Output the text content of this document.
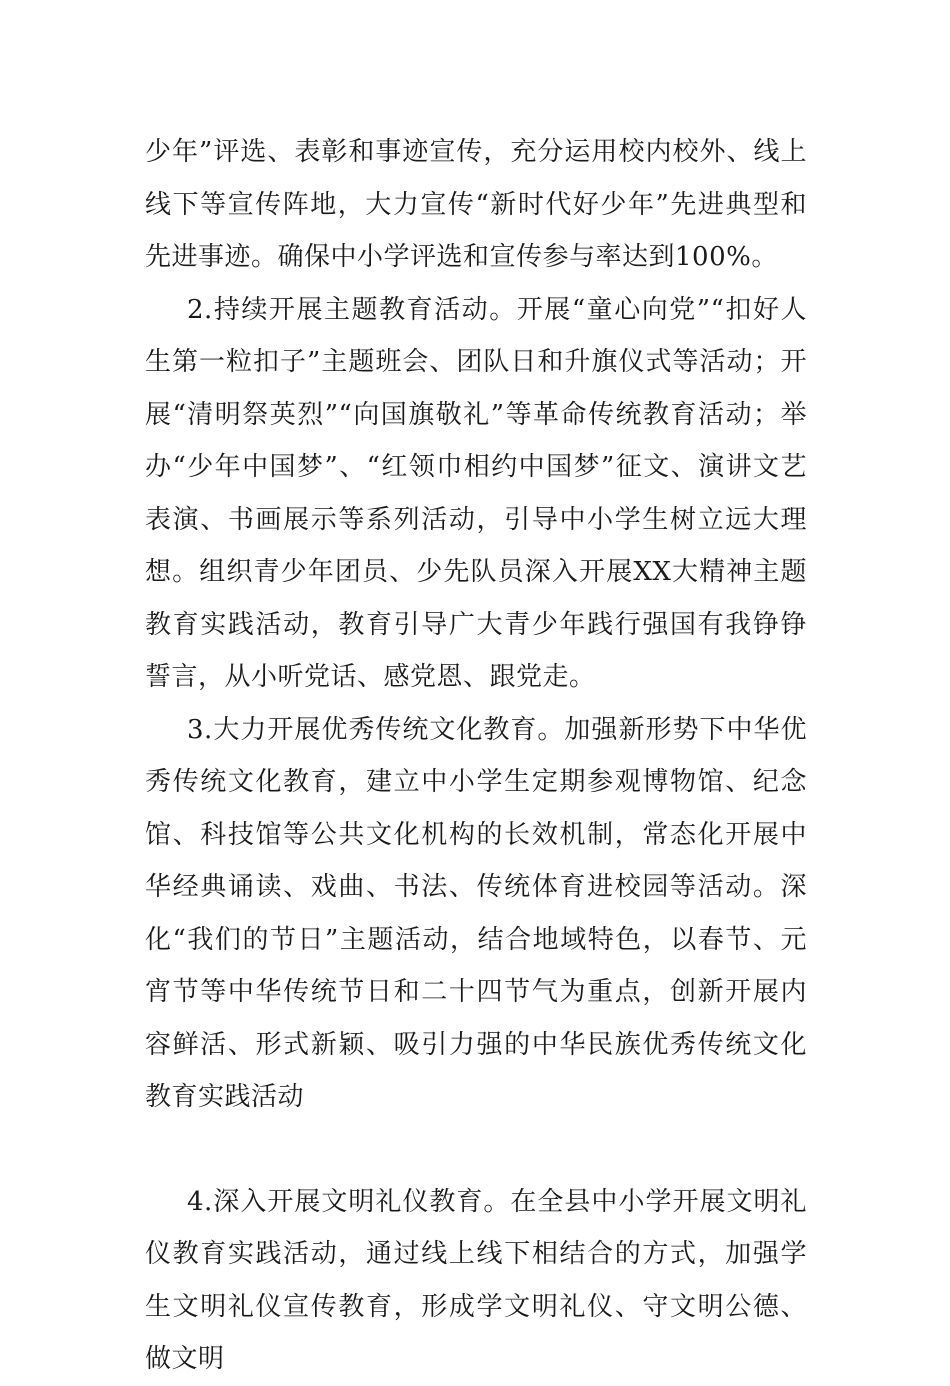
少年”评选、表彰和事迹宣传，充分运用校内校外、线上线下等宣传阵地，大力宣传“新时代好少年”先进典型和先进事迹。确保中小学评选和宣传参与率达到100%。

2.持续开展主题教育活动。开展“童心向党”“扣好人生第一粒扣子”主题班会、团队日和升旗仪式等活动；开展“清明祭英烈”“向国旗敬礼”等革命传统教育活动；举办“少年中国梦”、“红领巾相约中国梦”征文、演讲文艺表演、书画展示等系列活动，引导中小学生树立远大理想。组织青少年团员、少先队员深入开展XX大精神主题教育实践活动，教育引导广大青少年践行强国有我铮铮誓言，从小听党话、感党恩、跟党走。

3.大力开展优秀传统文化教育。加强新形势下中华优秀传统文化教育，建立中小学生定期参观博物馆、纪念馆、科技馆等公共文化机构的长效机制，常态化开展中华经典诵读、戏曲、书法、传统体育进校园等活动。深化“我们的节日”主题活动，结合地域特色，以春节、元宵节等中华传统节日和二十四节气为重点，创新开展内容鲜活、形式新颖、吸引力强的中华民族优秀传统文化教育实践活动

4.深入开展文明礼仪教育。在全县中小学开展文明礼仪教育实践活动，通过线上线下相结合的方式，加强学生文明礼仪宣传教育，形成学文明礼仪、守文明公德、做文明
